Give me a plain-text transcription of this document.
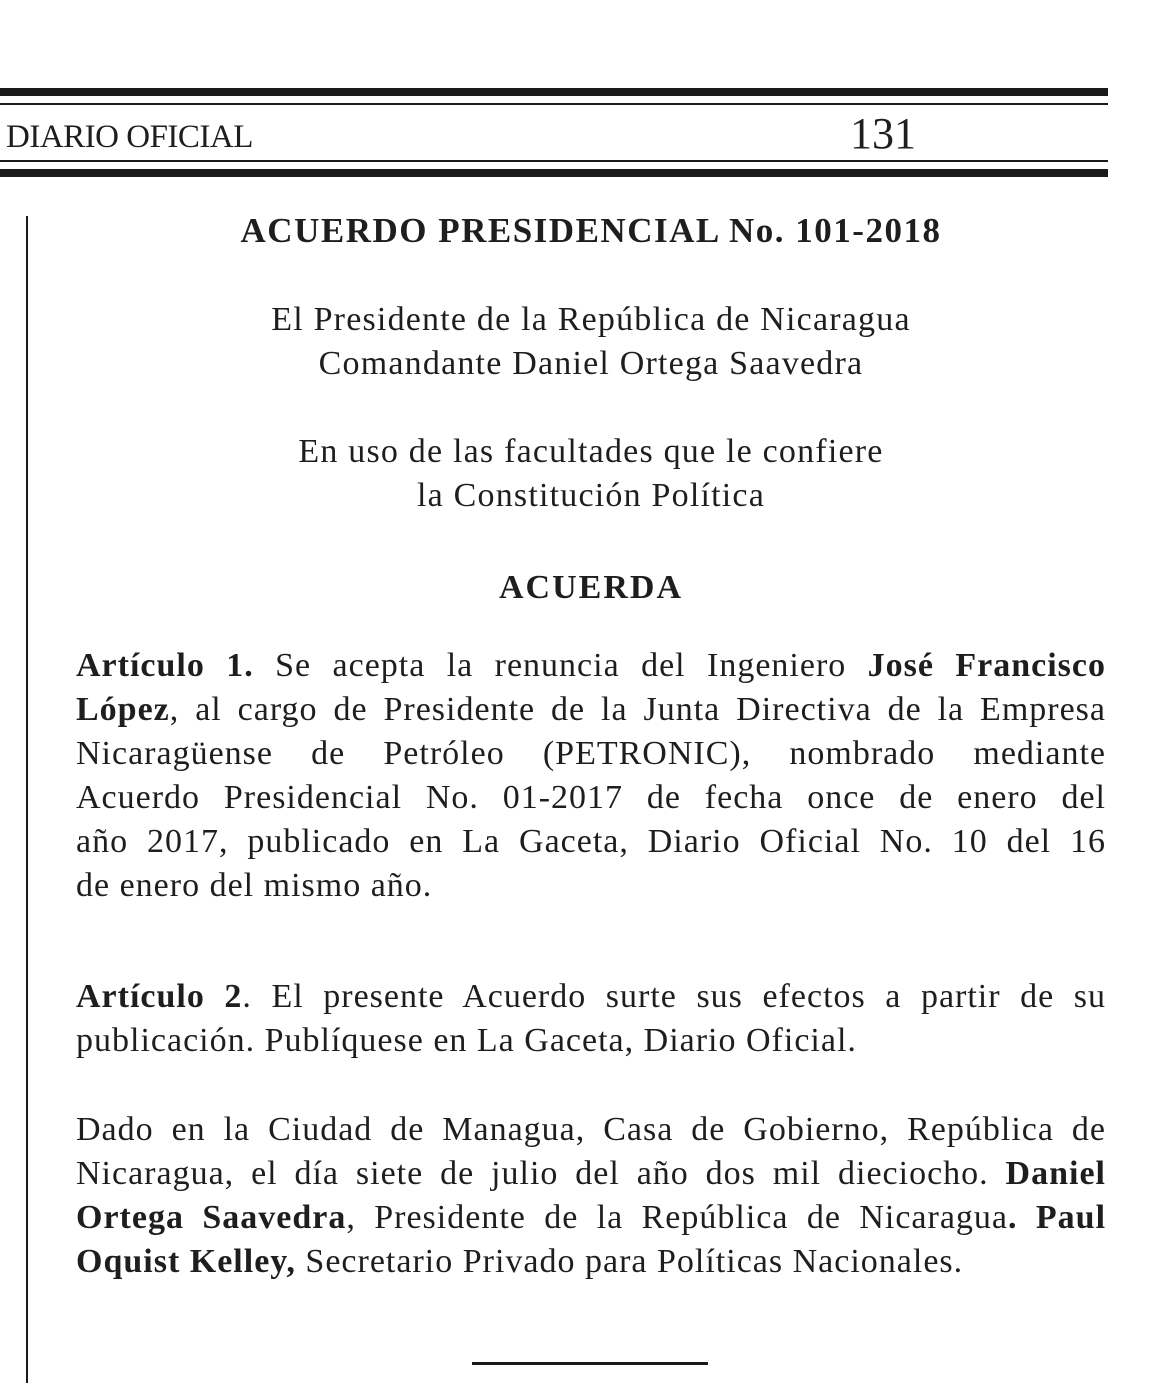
DIARIO OFICIAL	131
ACUERDO PRESIDENCIAL No. 101-2018
El Presidente de la República de Nicaragua
Comandante Daniel Ortega Saavedra
En uso de las facultades que le confiere
la Constitución Política
ACUERDA
Artículo 1. Se acepta la renuncia del Ingeniero José Francisco
López, al cargo de Presidente de la Junta Directiva de la Empresa
Nicaragüense de Petróleo (PETRONIC), nombrado mediante
Acuerdo Presidencial No. 01-2017 de fecha once de enero del
año 2017, publicado en La Gaceta, Diario Oficial No. 10 del 16
de enero del mismo año.
Artículo 2. El presente Acuerdo surte sus efectos a partir de su
publicación. Publíquese en La Gaceta, Diario Oficial.
Dado en la Ciudad de Managua, Casa de Gobierno, República de
Nicaragua, el día siete de julio del año dos mil dieciocho. Daniel
Ortega Saavedra, Presidente de la República de Nicaragua. Paul
Oquist Kelley, Secretario Privado para Políticas Nacionales.
